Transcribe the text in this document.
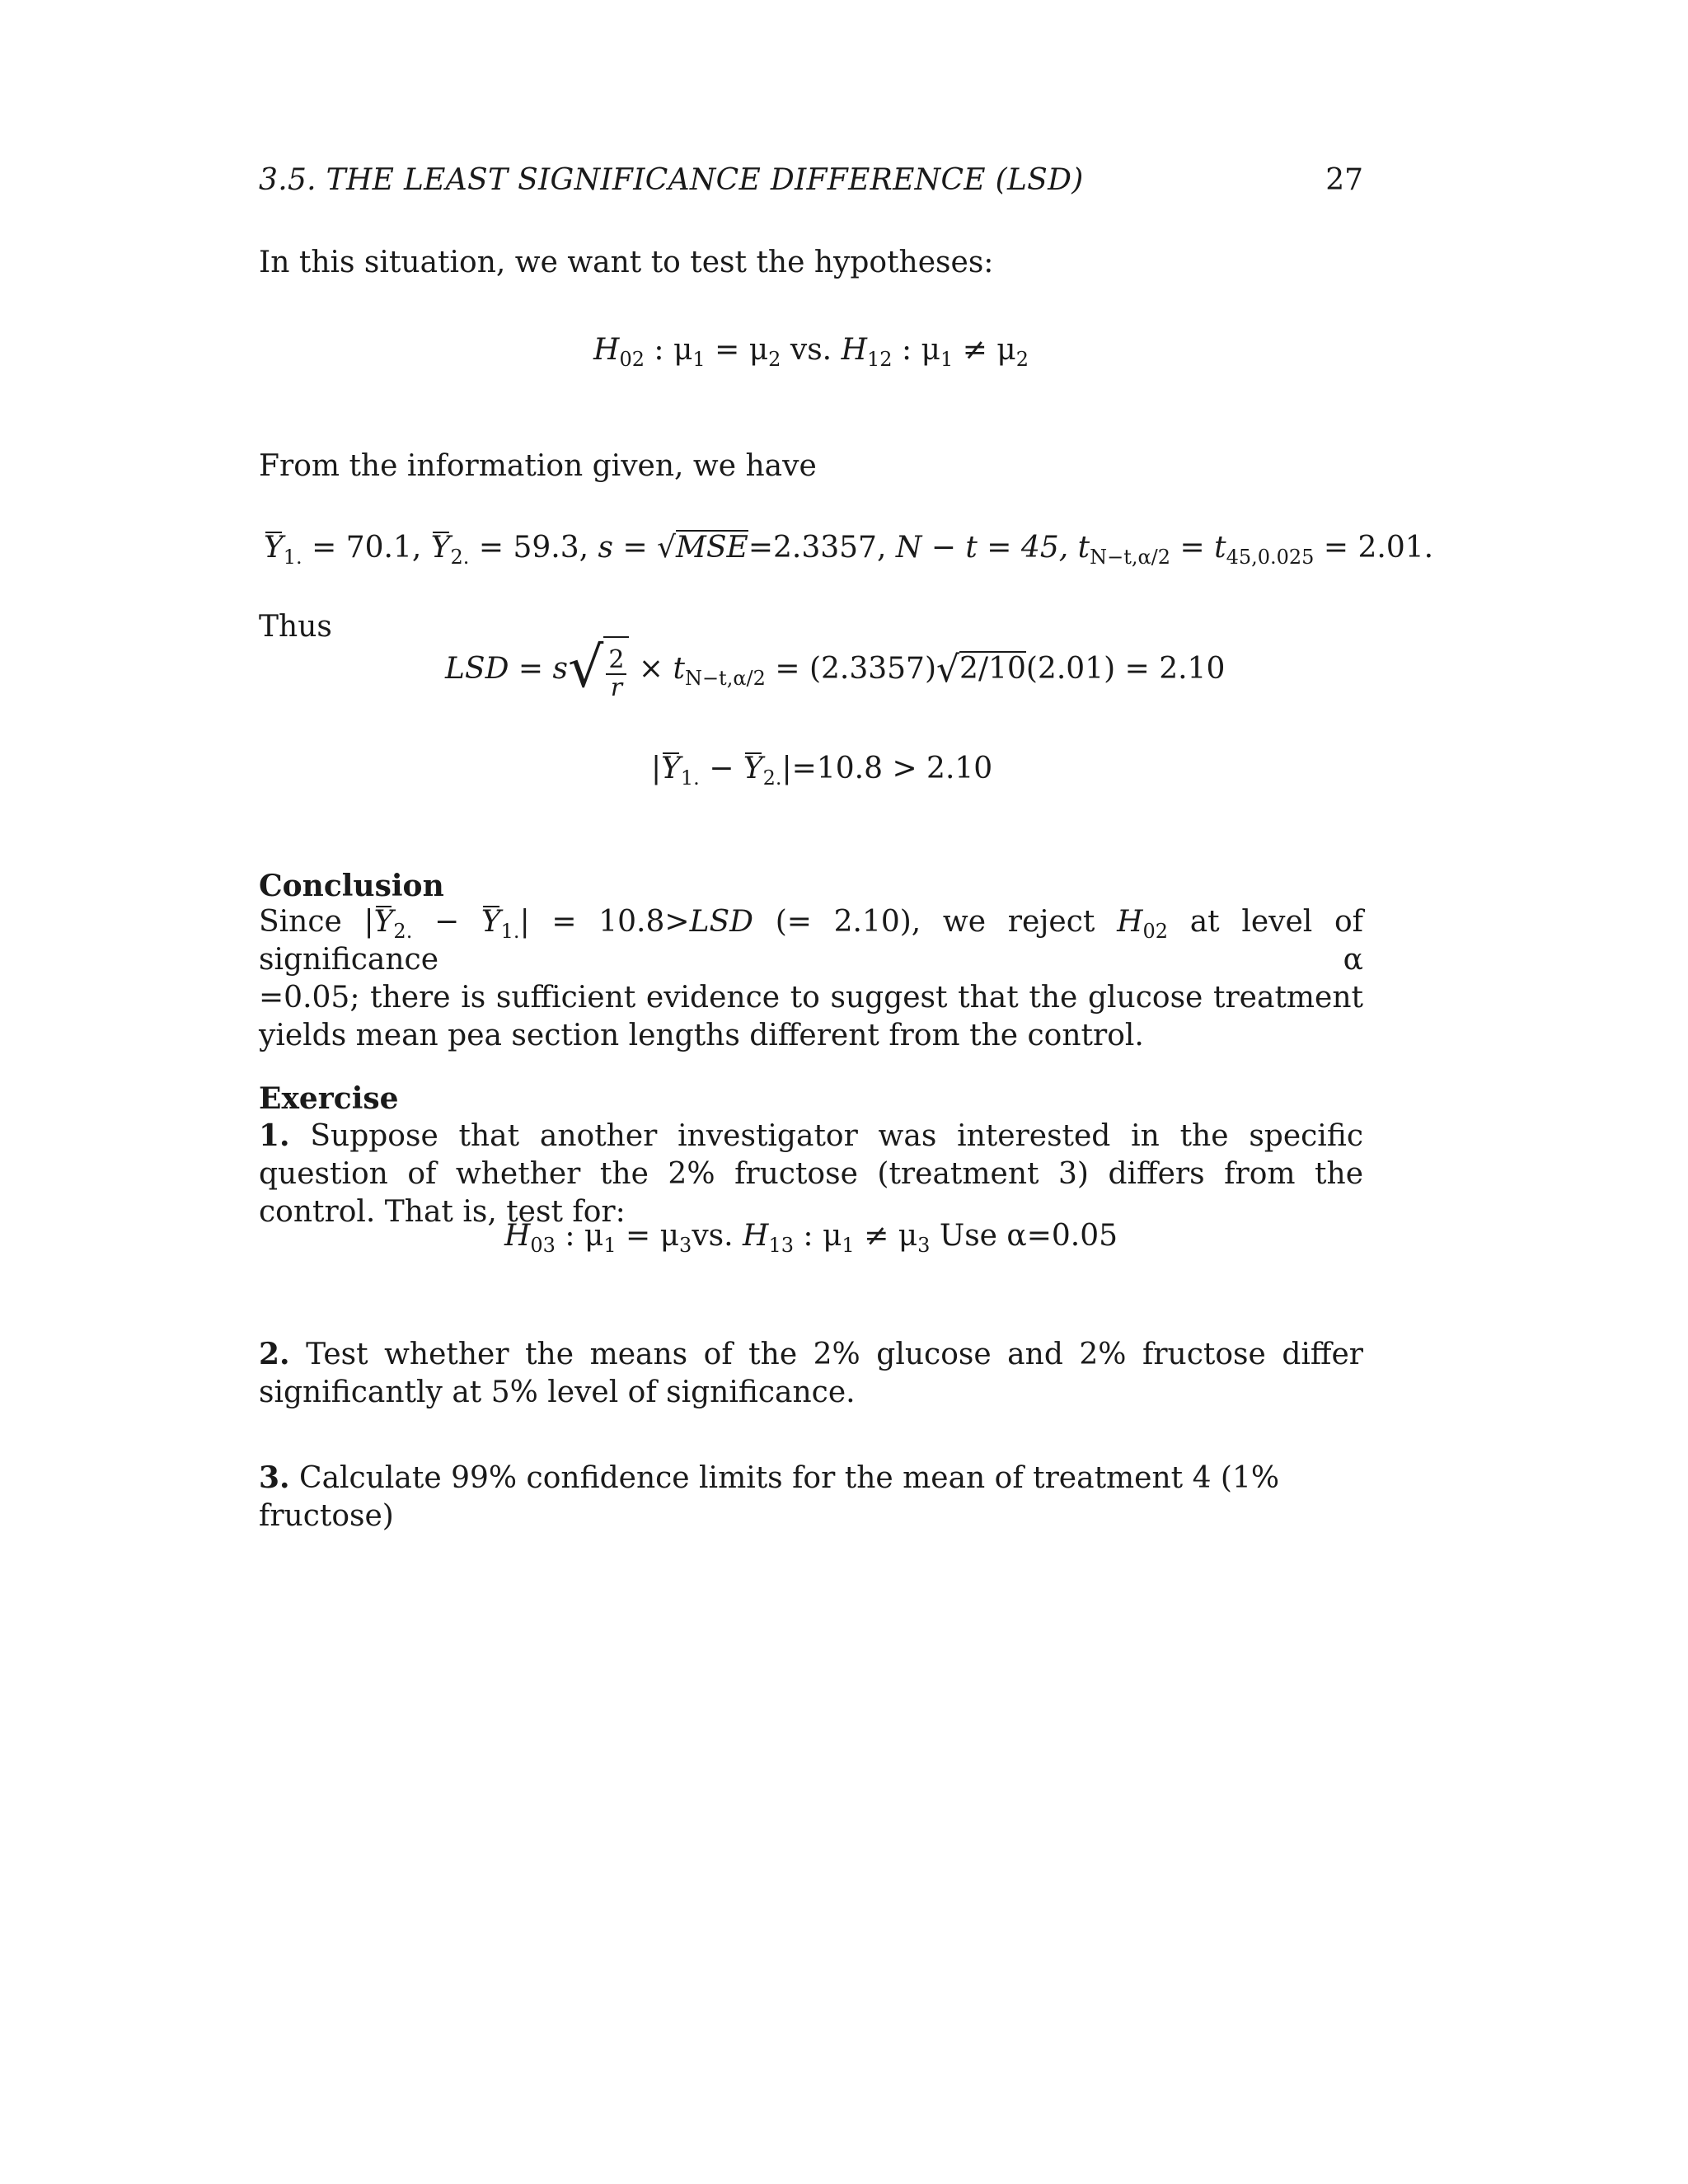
3.5. THE LEAST SIGNIFICANCE DIFFERENCE (LSD)	27
In this situation, we want to test the hypotheses:
$H_{02}$ : $\mu_1 = \mu_2$ vs. $H_{12}$ : $\mu_1 \ne \mu_2$
From the information given, we have
$Y_{1.} = 70.1$, $Y_{2.} = 59.3$, s = √MSE=2.3357, N − t = 45, $t_{N-t,\alpha/2} = t_{45,0.025} = 2.01$.
Thus
LSD = $s√ \frac{2}{r} \times t_{N-t,\alpha/2} = (2.3357)√2/10(2.01) = 2.10$
$|Y_{1.} - Y_{2.}|=10.8 > 2.10$
Conclusion
Since $|Y_{2.} - Y_{1.}| = 10.8>LSD$ (= 2.10), we reject $H_{02}$ at level of significance α
=0.05; there is sufficient evidence to suggest that the glucose treatment yields mean pea section lengths different from the control.
Exercise
1. Suppose that another investigator was interested in the specific question of whether the 2% fructose (treatment 3) differs from the control. That is, test for:
$H_{03}$ : $\mu_1 = \mu_3vs$. $H_{13}$ : $\mu_1 \ne \mu_3$ Use α=0.05
2. Test whether the means of the 2% glucose and 2% fructose differ significantly at 5% level of significance.
3. Calculate 99% confidence limits for the mean of treatment 4 (1% fructose)
